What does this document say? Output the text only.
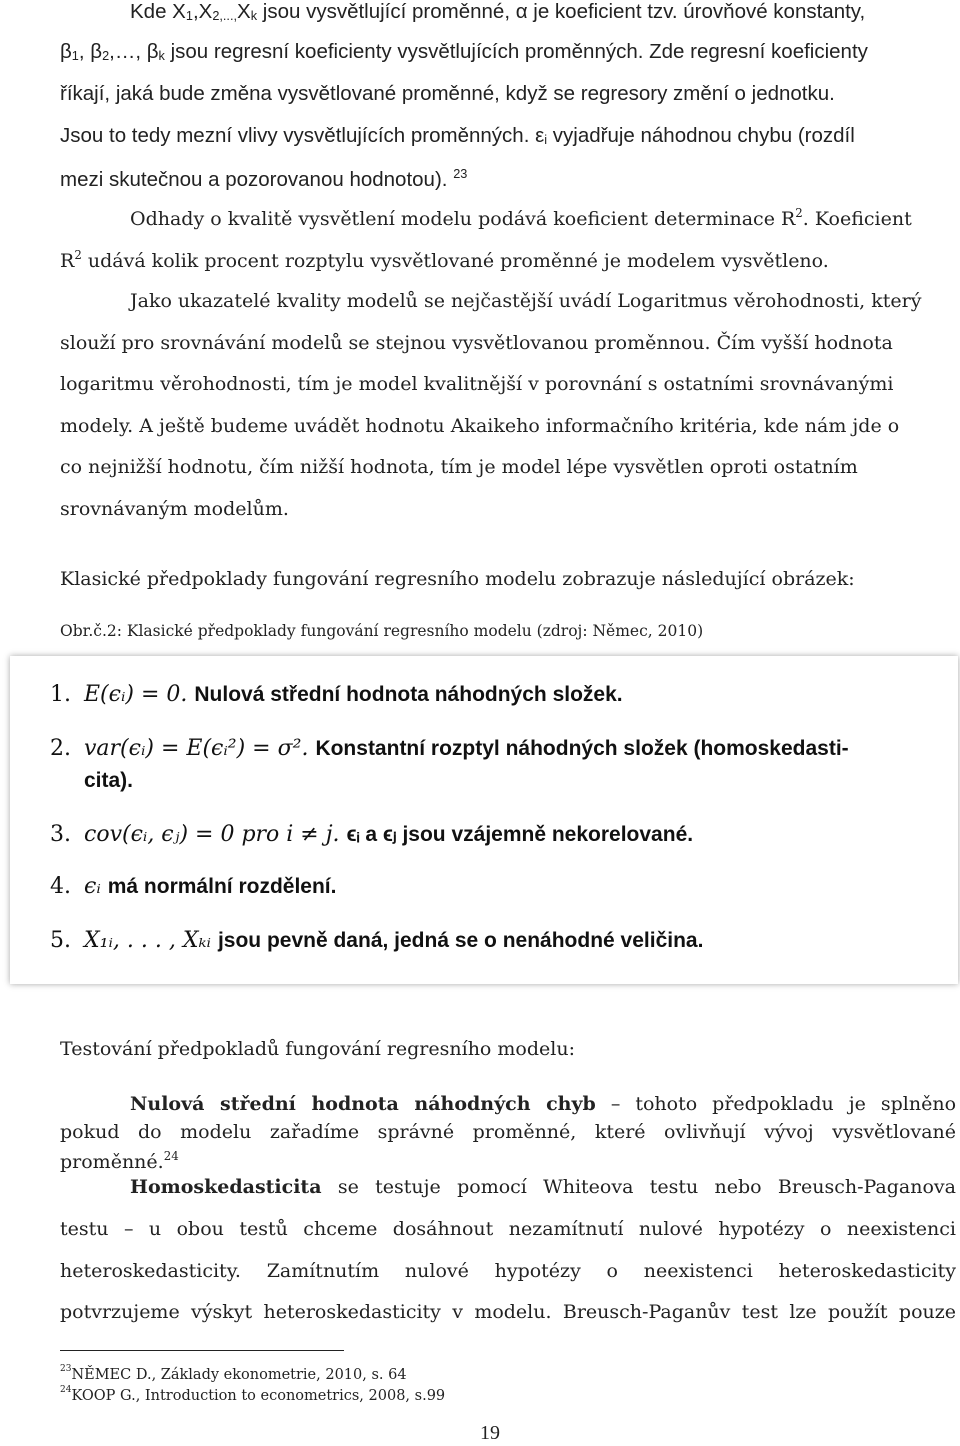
Kde $X_1,X_{2,...,}X_k$ jsou vysvětlující proměnné, α je koeficient tzv. úrovňové konstanty,
$\beta_1$, $\beta_2,\dots$, $\beta_k$ jsou regresní koeficienty vysvětlujících proměnných. Zde regresní koeficienty
říkají, jaká bude změna vysvětlované proměnné, když se regresory změní o jednotku.
Jsou to tedy mezní vlivy vysvětlujících proměnných. $\varepsilon_i$ vyjadřuje náhodnou chybu (rozdíl
mezi skutečnou a pozorovanou hodnotou). $^{23}$
Odhady o kvalitě vysvětlení modelu podává koeficient determinace $R^2$. Koeficient
$R^2$ udává kolik procent rozptylu vysvětlované proměnné je modelem vysvětleno.
Jako ukazatelé kvality modelů se nejčastější uvádí Logaritmus věrohodnosti, který
slouží pro srovnávání modelů se stejnou vysvětlovanou proměnnou. Čím vyšší hodnota
logaritmu věrohodnosti, tím je model kvalitnější v porovnání s ostatními srovnávanými
modely. A ještě budeme uvádět hodnotu Akaikeho informačního kritéria, kde nám jde o
co nejnižší hodnotu, čím nižší hodnota, tím je model lépe vysvětlen oproti ostatním
srovnávaným modelům.
Klasické předpoklady fungování regresního modelu zobrazuje následující obrázek:
Obr.č.2: Klasické předpoklady fungování regresního modelu (zdroj: Němec, 2010)
1. E(ϵᵢ) = 0. Nulová střední hodnota náhodných složek.
2. var(ϵᵢ) = E(ϵᵢ²) = σ². Konstantní rozptyl náhodných složek (homoskedasti-
cita).
3. cov(ϵᵢ, ϵⱼ) = 0 pro i ≠ j. ϵᵢ a ϵⱼ jsou vzájemně nekorelované.
4. ϵᵢ má normální rozdělení.
5. X₁ᵢ, . . . , Xₖᵢ jsou pevně daná, jedná se o nenáhodné veličina.
Testování předpokladů fungování regresního modelu:
Nulová střední hodnota náhodných chyb – tohoto předpokladu je splněno
pokud do modelu zařadíme správné proměnné, které ovlivňují vývoj vysvětlované
proměnné.$^{24}$
Homoskedasticita se testuje pomocí Whiteova testu nebo Breusch-Paganova
testu – u obou testů chceme dosáhnout nezamítnutí nulové hypotézy o neexistenci
heteroskedasticity. Zamítnutím nulové hypotézy o neexistenci heteroskedasticity
potvrzujeme výskyt heteroskedasticity v modelu. Breusch-Paganův test lze použít pouze
$^{23}$NĚMEC D., Základy ekonometrie, 2010, s. 64
$^{24}$KOOP G., Introduction to econometrics, 2008, s.99
19
